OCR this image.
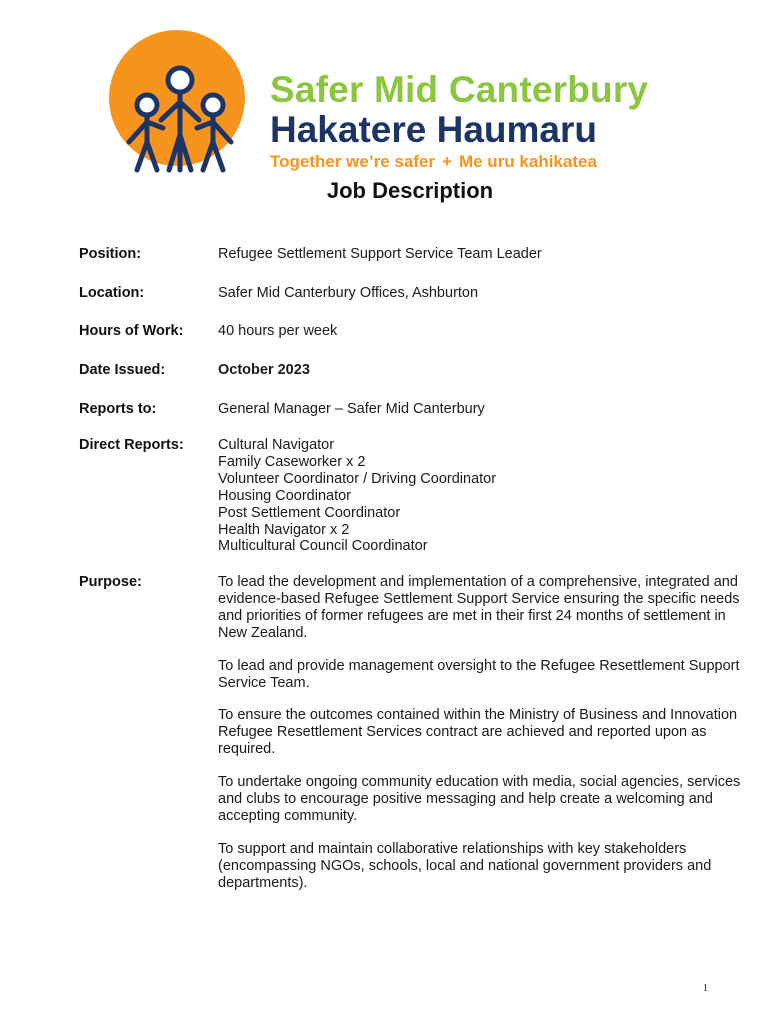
Safer Mid Canterbury
Hakatere Haumaru
Together we’re safer + Me uru kahikatea
Job Description
Position:	Refugee Settlement Support Service Team Leader
Location:	Safer Mid Canterbury Offices, Ashburton
Hours of Work: 40 hours per week
Date Issued:	October 2023
Reports to:	General Manager – Safer Mid Canterbury
Direct Reports: Cultural Navigator
Family Caseworker x 2
Volunteer Coordinator / Driving Coordinator
Housing Coordinator
Post Settlement Coordinator
Health Navigator x 2
Multicultural Council Coordinator
Purpose:	To lead the development and implementation of a comprehensive, integrated and evidence-based Refugee Settlement Support Service ensuring the specific needs and priorities of former refugees are met in their first 24 months of settlement in New Zealand.

To lead and provide management oversight to the Refugee Resettlement Support Service Team.

To ensure the outcomes contained within the Ministry of Business and Innovation Refugee Resettlement Services contract are achieved and reported upon as required.

To undertake ongoing community education with media, social agencies, services and clubs to encourage positive messaging and help create a welcoming and accepting community.

To support and maintain collaborative relationships with key stakeholders (encompassing NGOs, schools, local and national government providers and departments).

1
